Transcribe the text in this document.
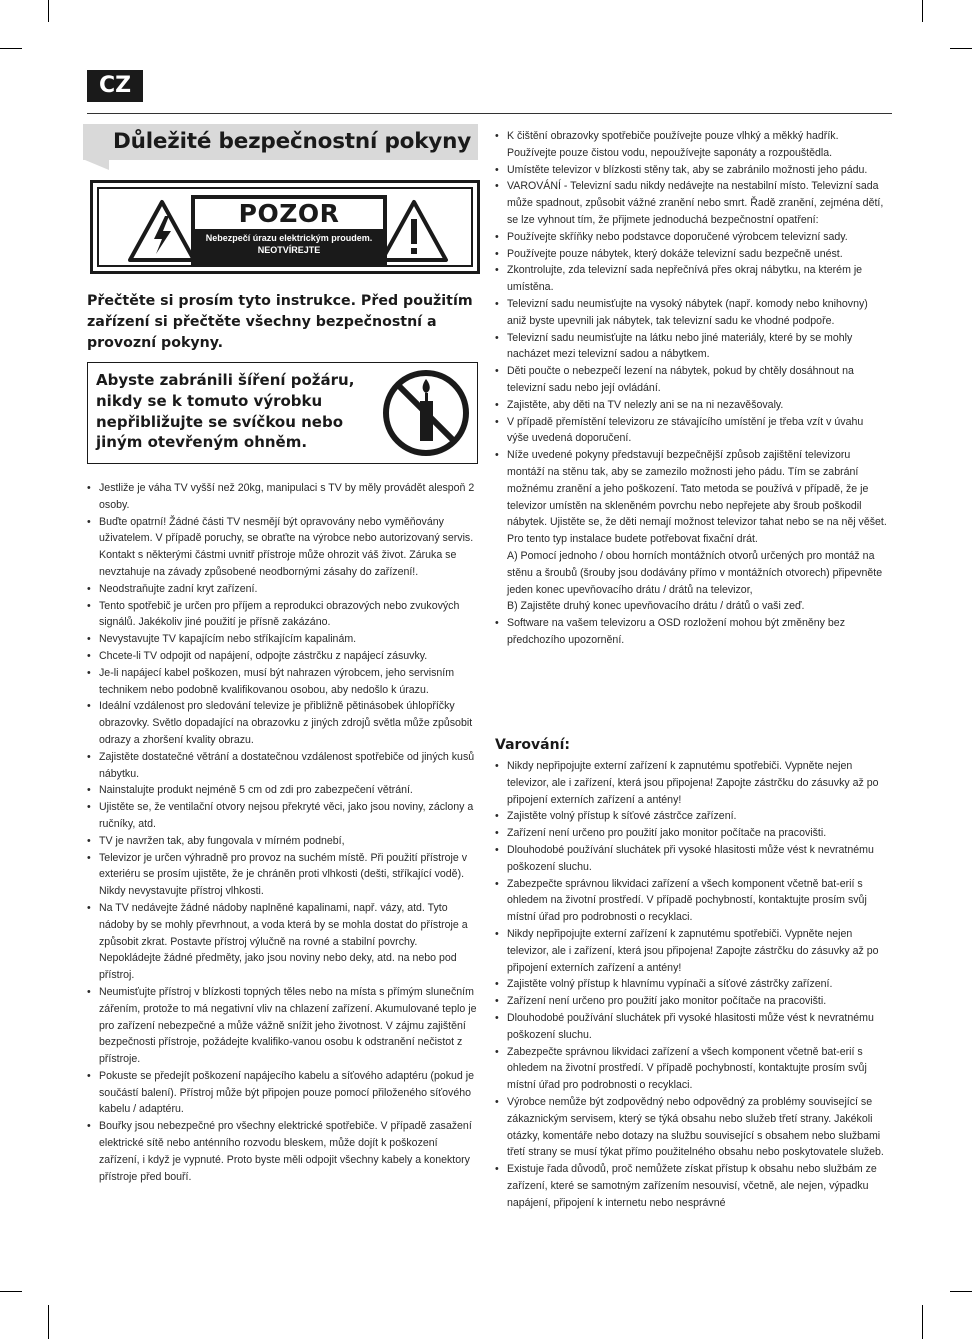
CZ
Důležité bezpečnostní pokyny
POZOR
Nebezpečí úrazu elektrickým proudem. NEOTVÍREJTE

Přečtěte si prosím tyto instrukce. Před použitím zařízení si přečtěte všechny bezpečnostní a provozní pokyny.

Abyste zabránili šíření požáru, nikdy se k tomuto výrobku nepřibližujte se svíčkou nebo jiným otevřeným ohněm.

• Jestliže je váha TV vyšší než 20kg, manipulaci s TV by měly provádět alespoň 2 osoby.
• Buďte opatrní! Žádné části TV nesmějí být opravovány nebo vyměňovány uživatelem. V případě poruchy, se obraťte na výrobce nebo autorizovaný servis. Kontakt s některými částmi uvnitř přístroje může ohrozit váš život. Záruka se nevztahuje na závady způsobené neodbornými zásahy do zařízení!.
• Neodstraňujte zadní kryt zařízení.
• Tento spotřebič je určen pro příjem a reprodukci obrazových nebo zvukových signálů. Jakékoliv jiné použití je přísně zakázáno.
• Nevystavujte TV kapajícím nebo stříkajícím kapalinám.
• Chcete-li TV odpojit od napájení, odpojte zástrčku z napájecí zásuvky.
• Je-li napájecí kabel poškozen, musí být nahrazen výrobcem, jeho servisním technikem nebo podobně kvalifikovanou osobou, aby nedošlo k úrazu.
• Ideální vzdálenost pro sledování televize je přibližně pětinásobek úhlopříčky obrazovky. Světlo dopadající na obrazovku z jiných zdrojů světla může způsobit odrazy a zhoršení kvality obrazu.
• Zajistěte dostatečné větrání a dostatečnou vzdálenost spotřebiče od jiných kusů nábytku.
• Nainstalujte produkt nejméně 5 cm od zdi pro zabezpečení větrání.
• Ujistěte se, že ventilační otvory nejsou překryté věci, jako jsou noviny, záclony a ručníky, atd.
• TV je navržen tak, aby fungovala v mírném podnebí,
• Televizor je určen výhradně pro provoz na suchém místě. Při použití přístroje v exteriéru se prosím ujistěte, že je chráněn proti vlhkosti (dešti, stříkající vodě). Nikdy nevystavujte přístroj vlhkosti.
• Na TV nedávejte žádné nádoby naplněné kapalinami, např. vázy, atd. Tyto nádoby by se mohly převrhnout, a voda která by se mohla dostat do přístroje a způsobit zkrat. Postavte přístroj výlučně na rovné a stabilní povrchy. Nepokládejte žádné předměty, jako jsou noviny nebo deky, atd. na nebo pod přístroj.
• Neumisťujte přístroj v blízkosti topných těles nebo na místa s přímým slunečním zářením, protože to má negativní vliv na chlazení zařízení. Akumulované teplo je pro zařízení nebezpečné a může vážně snížit jeho životnost. V zájmu zajištění bezpečnosti přístroje, požádejte kvalifiko-vanou osobu k odstranění nečistot z přístroje.
• Pokuste se předejít poškození napájecího kabelu a síťového adaptéru (pokud je součástí balení). Přístroj může být připojen pouze pomocí přiloženého síťového kabelu / adaptéru.
• Bouřky jsou nebezpečné pro všechny elektrické spotřebiče. V případě zasažení elektrické sítě nebo anténního rozvodu bleskem, může dojít k poškození zařízení, i když je vypnuté. Proto byste měli odpojit všechny kabely a konektory přístroje před bouří.
• K čištění obrazovky spotřebiče používejte pouze vlhký a měkký hadřík. Používejte pouze čistou vodu, nepoužívejte saponáty a rozpouštědla.
• Umístěte televizor v blízkosti stěny tak, aby se zabránilo možnosti jeho pádu.
• VAROVÁNÍ - Televizní sadu nikdy nedávejte na nestabilní místo. Televizní sada může spadnout, způsobit vážné zranění nebo smrt. Řadě zranění, zejména dětí, se lze vyhnout tím, že přijmete jednoduchá bezpečnostní opatření:
• Používejte skříňky nebo podstavce doporučené výrobcem televizní sady.
• Používejte pouze nábytek, který dokáže televizní sadu bezpečně unést.
• Zkontrolujte, zda televizní sada nepřečnívá přes okraj nábytku, na kterém je umístěna.
• Televizní sadu neumisťujte na vysoký nábytek (např. komody nebo knihovny) aniž byste upevnili jak nábytek, tak televizní sadu ke vhodné podpoře.
• Televizní sadu neumisťujte na látku nebo jiné materiály, které by se mohly nacházet mezi televizní sadou a nábytkem.
• Děti poučte o nebezpečí lezení na nábytek, pokud by chtěly dosáhnout na televizní sadu nebo její ovládání.
• Zajistěte, aby děti na TV nelezly ani se na ni nezavěšovaly.
• V případě přemístění televizoru ze stávajícího umístění je třeba vzít v úvahu výše uvedená doporučení.
• Níže uvedené pokyny představují bezpečnější způsob zajištění televizoru montáží na stěnu tak, aby se zamezilo možnosti jeho pádu. Tím se zabrání možnému zranění a jeho poškození. Tato metoda se používá v případě, že je televizor umístěn na skleněném povrchu nebo nepřejete aby šroub poškodil nábytek. Ujistěte se, že děti nemají možnost televizor tahat nebo se na něj věšet. Pro tento typ instalace budete potřebovat fixační drát.
A) Pomocí jednoho / obou horních montážních otvorů určených pro montáž na stěnu a šroubů (šrouby jsou dodávány přímo v montážních otvorech) připevněte jeden konec upevňovacího drátu / drátů na televizor,
B) Zajistěte druhý konec upevňovacího drátu / drátů o vaši zeď.
• Software na vašem televizoru a OSD rozložení mohou být změněny bez předchozího upozornění.
Varování:
• Nikdy nepřipojujte externí zařízení k zapnutému spotřebiči. Vypněte nejen televizor, ale i zařízení, která jsou připojena! Zapojte zástrčku do zásuvky až po připojení externích zařízení a antény!
• Zajistěte volný přístup k síťové zástrčce zařízení.
• Zařízení není určeno pro použití jako monitor počítače na pracovišti.
• Dlouhodobé používání sluchátek při vysoké hlasitosti může vést k nevratnému poškození sluchu.
• Zabezpečte správnou likvidaci zařízení a všech komponent včetně bat-erií s ohledem na životní prostředí. V případě pochybností, kontaktujte prosím svůj místní úřad pro podrobnosti o recyklaci.
• Nikdy nepřipojujte externí zařízení k zapnutému spotřebiči. Vypněte nejen televizor, ale i zařízení, která jsou připojena! Zapojte zástrčku do zásuvky až po připojení externích zařízení a antény!
• Zajistěte volný přístup k hlavnímu vypínači a síťové zástrčky zařízení.
• Zařízení není určeno pro použití jako monitor počítače na pracovišti.
• Dlouhodobé používání sluchátek při vysoké hlasitosti může vést k nevratnému poškození sluchu.
• Zabezpečte správnou likvidaci zařízení a všech komponent včetně bat-erií s ohledem na životní prostředí. V případě pochybností, kontaktujte prosím svůj místní úřad pro podrobnosti o recyklaci.
• Výrobce nemůže být zodpovědný nebo odpovědný za problémy související se zákaznickým servisem, který se týká obsahu nebo služeb třetí strany. Jakékoli otázky, komentáře nebo dotazy na službu související s obsahem nebo službami třetí strany se musí týkat přímo použitelného obsahu nebo poskytovatele služeb.
• Existuje řada důvodů, proč nemůžete získat přístup k obsahu nebo službám ze zařízení, které se samotným zařízením nesouvisí, včetně, ale nejen, výpadku napájení, připojení k internetu nebo nesprávné
